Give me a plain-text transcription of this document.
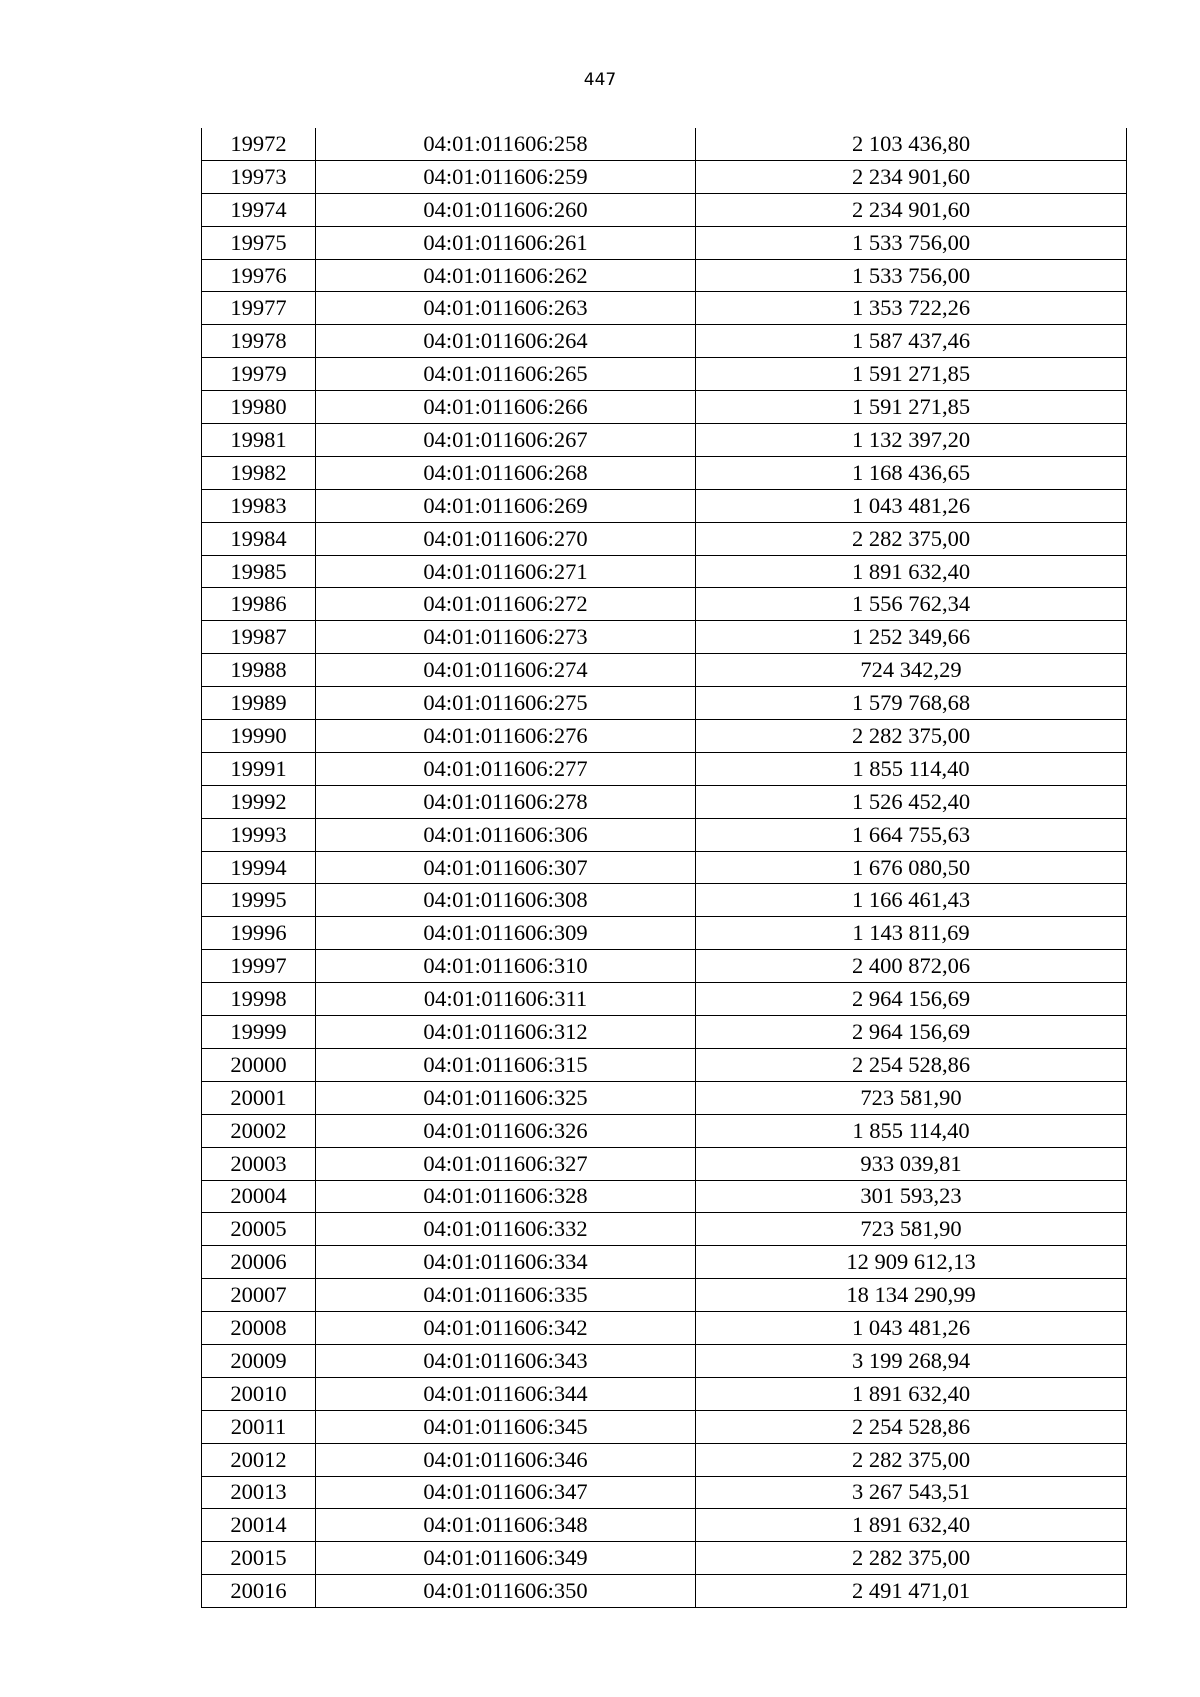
447
19972	04:01:011606:258	2 103 436,80
19973	04:01:011606:259	2 234 901,60
19974	04:01:011606:260	2 234 901,60
19975	04:01:011606:261	1 533 756,00
19976	04:01:011606:262	1 533 756,00
19977	04:01:011606:263	1 353 722,26
19978	04:01:011606:264	1 587 437,46
19979	04:01:011606:265	1 591 271,85
19980	04:01:011606:266	1 591 271,85
19981	04:01:011606:267	1 132 397,20
19982	04:01:011606:268	1 168 436,65
19983	04:01:011606:269	1 043 481,26
19984	04:01:011606:270	2 282 375,00
19985	04:01:011606:271	1 891 632,40
19986	04:01:011606:272	1 556 762,34
19987	04:01:011606:273	1 252 349,66
19988	04:01:011606:274	724 342,29
19989	04:01:011606:275	1 579 768,68
19990	04:01:011606:276	2 282 375,00
19991	04:01:011606:277	1 855 114,40
19992	04:01:011606:278	1 526 452,40
19993	04:01:011606:306	1 664 755,63
19994	04:01:011606:307	1 676 080,50
19995	04:01:011606:308	1 166 461,43
19996	04:01:011606:309	1 143 811,69
19997	04:01:011606:310	2 400 872,06
19998	04:01:011606:311	2 964 156,69
19999	04:01:011606:312	2 964 156,69
20000	04:01:011606:315	2 254 528,86
20001	04:01:011606:325	723 581,90
20002	04:01:011606:326	1 855 114,40
20003	04:01:011606:327	933 039,81
20004	04:01:011606:328	301 593,23
20005	04:01:011606:332	723 581,90
20006	04:01:011606:334	12 909 612,13
20007	04:01:011606:335	18 134 290,99
20008	04:01:011606:342	1 043 481,26
20009	04:01:011606:343	3 199 268,94
20010	04:01:011606:344	1 891 632,40
20011	04:01:011606:345	2 254 528,86
20012	04:01:011606:346	2 282 375,00
20013	04:01:011606:347	3 267 543,51
20014	04:01:011606:348	1 891 632,40
20015	04:01:011606:349	2 282 375,00
20016	04:01:011606:350	2 491 471,01
